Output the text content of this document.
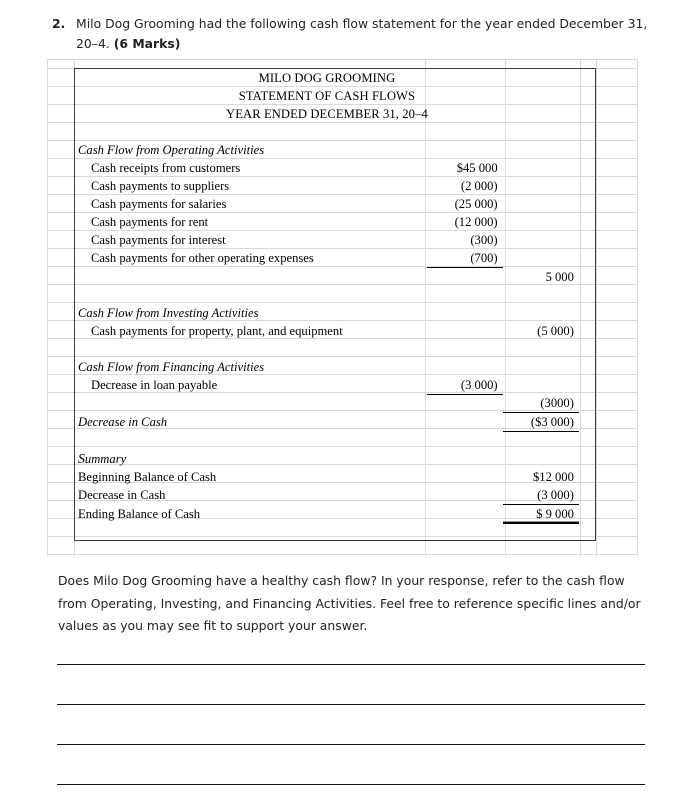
2. Milo Dog Grooming had the following cash flow statement for the year ended December 31, 20–4. (6 Marks)
MILO DOG GROOMING			
STATEMENT OF CASH FLOWS			
YEAR ENDED DECEMBER 31, 20–4			

Cash Flow from Operating Activities			
Cash receipts from customers	$45 000		
Cash payments to suppliers	(2 000)		
Cash payments for salaries	(25 000)		
Cash payments for rent	(12 000)		
Cash payments for interest	(300)		
Cash payments for other operating expenses	(700)		
		5 000	

Cash Flow from Investing Activities			
Cash payments for property, plant, and equipment		(5 000)	

Cash Flow from Financing Activities			
Decrease in loan payable	(3 000)		
		(3000)	
Decrease in Cash		($3 000)	

Summary			
Beginning Balance of Cash		$12 000	
Decrease in Cash		(3 000)	
Ending Balance of Cash		$ 9 000	

Does Milo Dog Grooming have a healthy cash flow? In your response, refer to the cash flow from Operating, Investing, and Financing Activities. Feel free to reference specific lines and/or values as you may see fit to support your answer.
